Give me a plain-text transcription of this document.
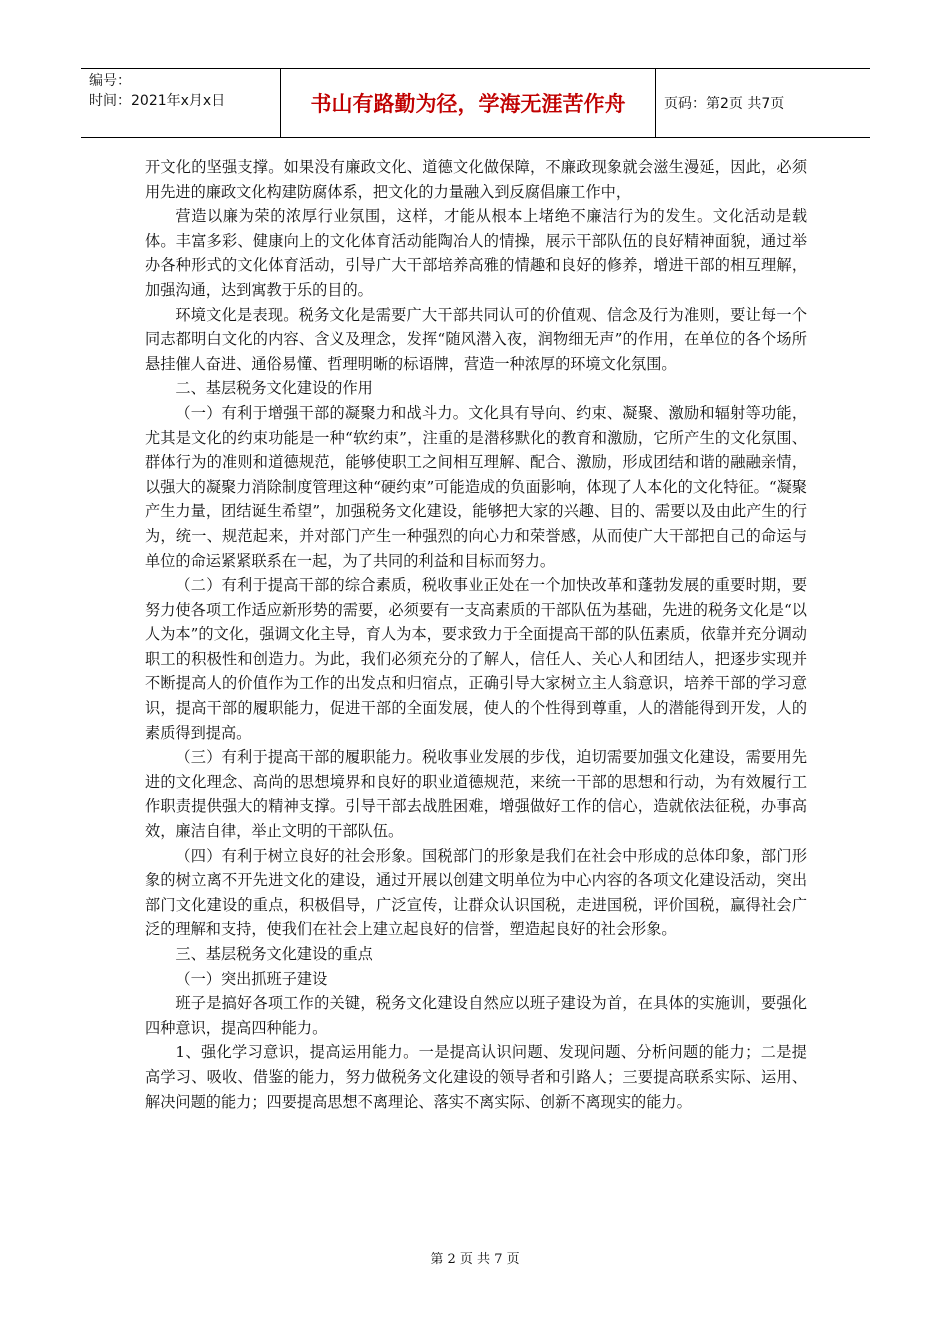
编号：
时间：2021年x月x日	书山有路勤为径，学海无涯苦作舟	页码：第2页 共7页

开文化的坚强支撑。如果没有廉政文化、道德文化做保障，不廉政现象就会滋生漫延，因此，必须用先进的廉政文化构建防腐体系，把文化的力量融入到反腐倡廉工作中，

营造以廉为荣的浓厚行业氛围，这样，才能从根本上堵绝不廉洁行为的发生。文化活动是载体。丰富多彩、健康向上的文化体育活动能陶冶人的情操，展示干部队伍的良好精神面貌，通过举办各种形式的文化体育活动，引导广大干部培养高雅的情趣和良好的修养，增进干部的相互理解，加强沟通，达到寓教于乐的目的。

环境文化是表现。税务文化是需要广大干部共同认可的价值观、信念及行为准则，要让每一个同志都明白文化的内容、含义及理念，发挥“随风潜入夜，润物细无声”的作用，在单位的各个场所悬挂催人奋进、通俗易懂、哲理明晰的标语牌，营造一种浓厚的环境文化氛围。

二、基层税务文化建设的作用

（一）有利于增强干部的凝聚力和战斗力。文化具有导向、约束、凝聚、激励和辐射等功能，尤其是文化的约束功能是一种“软约束”，注重的是潜移默化的教育和激励，它所产生的文化氛围、群体行为的准则和道德规范，能够使职工之间相互理解、配合、激励，形成团结和谐的融融亲情，以强大的凝聚力消除制度管理这种“硬约束”可能造成的负面影响，体现了人本化的文化特征。“凝聚产生力量，团结诞生希望”，加强税务文化建设，能够把大家的兴趣、目的、需要以及由此产生的行为，统一、规范起来，并对部门产生一种强烈的向心力和荣誉感，从而使广大干部把自己的命运与单位的命运紧紧联系在一起，为了共同的利益和目标而努力。

（二）有利于提高干部的综合素质，税收事业正处在一个加快改革和蓬勃发展的重要时期，要努力使各项工作适应新形势的需要，必须要有一支高素质的干部队伍为基础，先进的税务文化是“以人为本”的文化，强调文化主导，育人为本，要求致力于全面提高干部的队伍素质，依靠并充分调动职工的积极性和创造力。为此，我们必须充分的了解人，信任人、关心人和团结人，把逐步实现并不断提高人的价值作为工作的出发点和归宿点，正确引导大家树立主人翁意识，培养干部的学习意识，提高干部的履职能力，促进干部的全面发展，使人的个性得到尊重，人的潜能得到开发，人的素质得到提高。

（三）有利于提高干部的履职能力。税收事业发展的步伐，迫切需要加强文化建设，需要用先进的文化理念、高尚的思想境界和良好的职业道德规范，来统一干部的思想和行动，为有效履行工作职责提供强大的精神支撑。引导干部去战胜困难，增强做好工作的信心，造就依法征税，办事高效，廉洁自律，举止文明的干部队伍。

（四）有利于树立良好的社会形象。国税部门的形象是我们在社会中形成的总体印象，部门形象的树立离不开先进文化的建设，通过开展以创建文明单位为中心内容的各项文化建设活动，突出部门文化建设的重点，积极倡导，广泛宣传，让群众认识国税，走进国税，评价国税，赢得社会广泛的理解和支持，使我们在社会上建立起良好的信誉，塑造起良好的社会形象。

三、基层税务文化建设的重点

（一）突出抓班子建设

班子是搞好各项工作的关键，税务文化建设自然应以班子建设为首，在具体的实施训，要强化四种意识，提高四种能力。

1、强化学习意识，提高运用能力。一是提高认识问题、发现问题、分析问题的能力；二是提高学习、吸收、借鉴的能力，努力做税务文化建设的领导者和引路人；三要提高联系实际、运用、解决问题的能力；四要提高思想不离理论、落实不离实际、创新不离现实的能力。

第 2 页 共 7 页
